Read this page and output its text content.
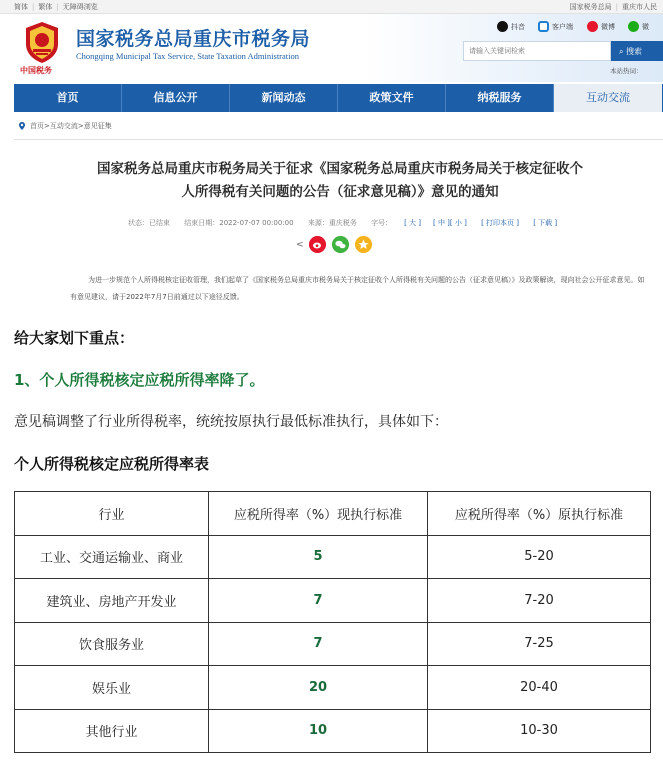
简体 | 繁体 | 无障碍浏览	国家税务总局 | 重庆市人民
中国税务
国家税务总局重庆市税务局
Chongqing Municipal Tax Service, State Taxation Administration
抖音	客户端	微博	微
请输入关键词检索
⌕ 搜索
本站热词：
首页	信息公开	新闻动态	政策文件	纳税服务	互动交流
首页 > 互动交流 > 意见征集
国家税务总局重庆市税务局关于征求《国家税务总局重庆市税务局关于核定征收个
人所得税有关问题的公告（征求意见稿）》意见的通知
状态：已结束 结束日期：2022-07-07 00:00:00 来源：重庆税务 字号： [ 大 ] [ 中 ][ 小 ] [ 打印本页 ] [ 下载 ]
<
为进一步规范个人所得税核定征收管理，我们起草了《国家税务总局重庆市税务局关于核定征收个人所得税有关问题的公告（征求意见稿）》及政策解读，现向社会公开征求意见。如有意见建议，请于2022年7月7日前通过以下途径反馈。
给大家划下重点：
1、个人所得税核定应税所得率降了。
意见稿调整了行业所得税率，统统按原执行最低标准执行，具体如下：
个人所得税核定应税所得率表
行业	应税所得率（%）现执行标准	应税所得率（%）原执行标准
工业、交通运输业、商业	5	5-20
建筑业、房地产开发业	7	7-20
饮食服务业	7	7-25
娱乐业	20	20-40
其他行业	10	10-30
